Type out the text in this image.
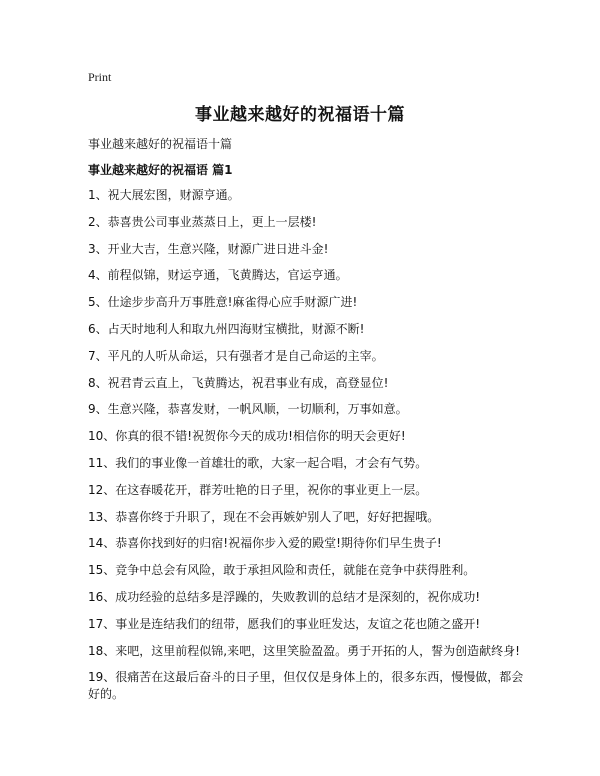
Print
事业越来越好的祝福语十篇
事业越来越好的祝福语十篇
事业越来越好的祝福语 篇1
1、祝大展宏图，财源亨通。
2、恭喜贵公司事业蒸蒸日上，更上一层楼!
3、开业大吉，生意兴隆，财源广进日进斗金!
4、前程似锦，财运亨通，飞黄腾达，官运亨通。
5、仕途步步高升万事胜意!麻雀得心应手财源广进!
6、占天时地利人和取九州四海财宝横批，财源不断!
7、平凡的人听从命运，只有强者才是自己命运的主宰。
8、祝君青云直上，飞黄腾达，祝君事业有成，高登显位!
9、生意兴隆，恭喜发财，一帆风顺，一切顺利，万事如意。
10、你真的很不错!祝贺你今天的成功!相信你的明天会更好!
11、我们的事业像一首雄壮的歌，大家一起合唱，才会有气势。
12、在这春暖花开，群芳吐艳的日子里，祝你的事业更上一层。
13、恭喜你终于升职了，现在不会再嫉妒别人了吧，好好把握哦。
14、恭喜你找到好的归宿!祝福你步入爱的殿堂!期待你们早生贵子!
15、竞争中总会有风险，敢于承担风险和责任，就能在竞争中获得胜利。
16、成功经验的总结多是浮躁的，失败教训的总结才是深刻的，祝你成功!
17、事业是连结我们的纽带，愿我们的事业旺发达，友谊之花也随之盛开!
18、来吧，这里前程似锦,来吧，这里笑脸盈盈。勇于开拓的人，誓为创造献终身!
19、很痛苦在这最后奋斗的日子里，但仅仅是身体上的，很多东西，慢慢做，都会好的。
